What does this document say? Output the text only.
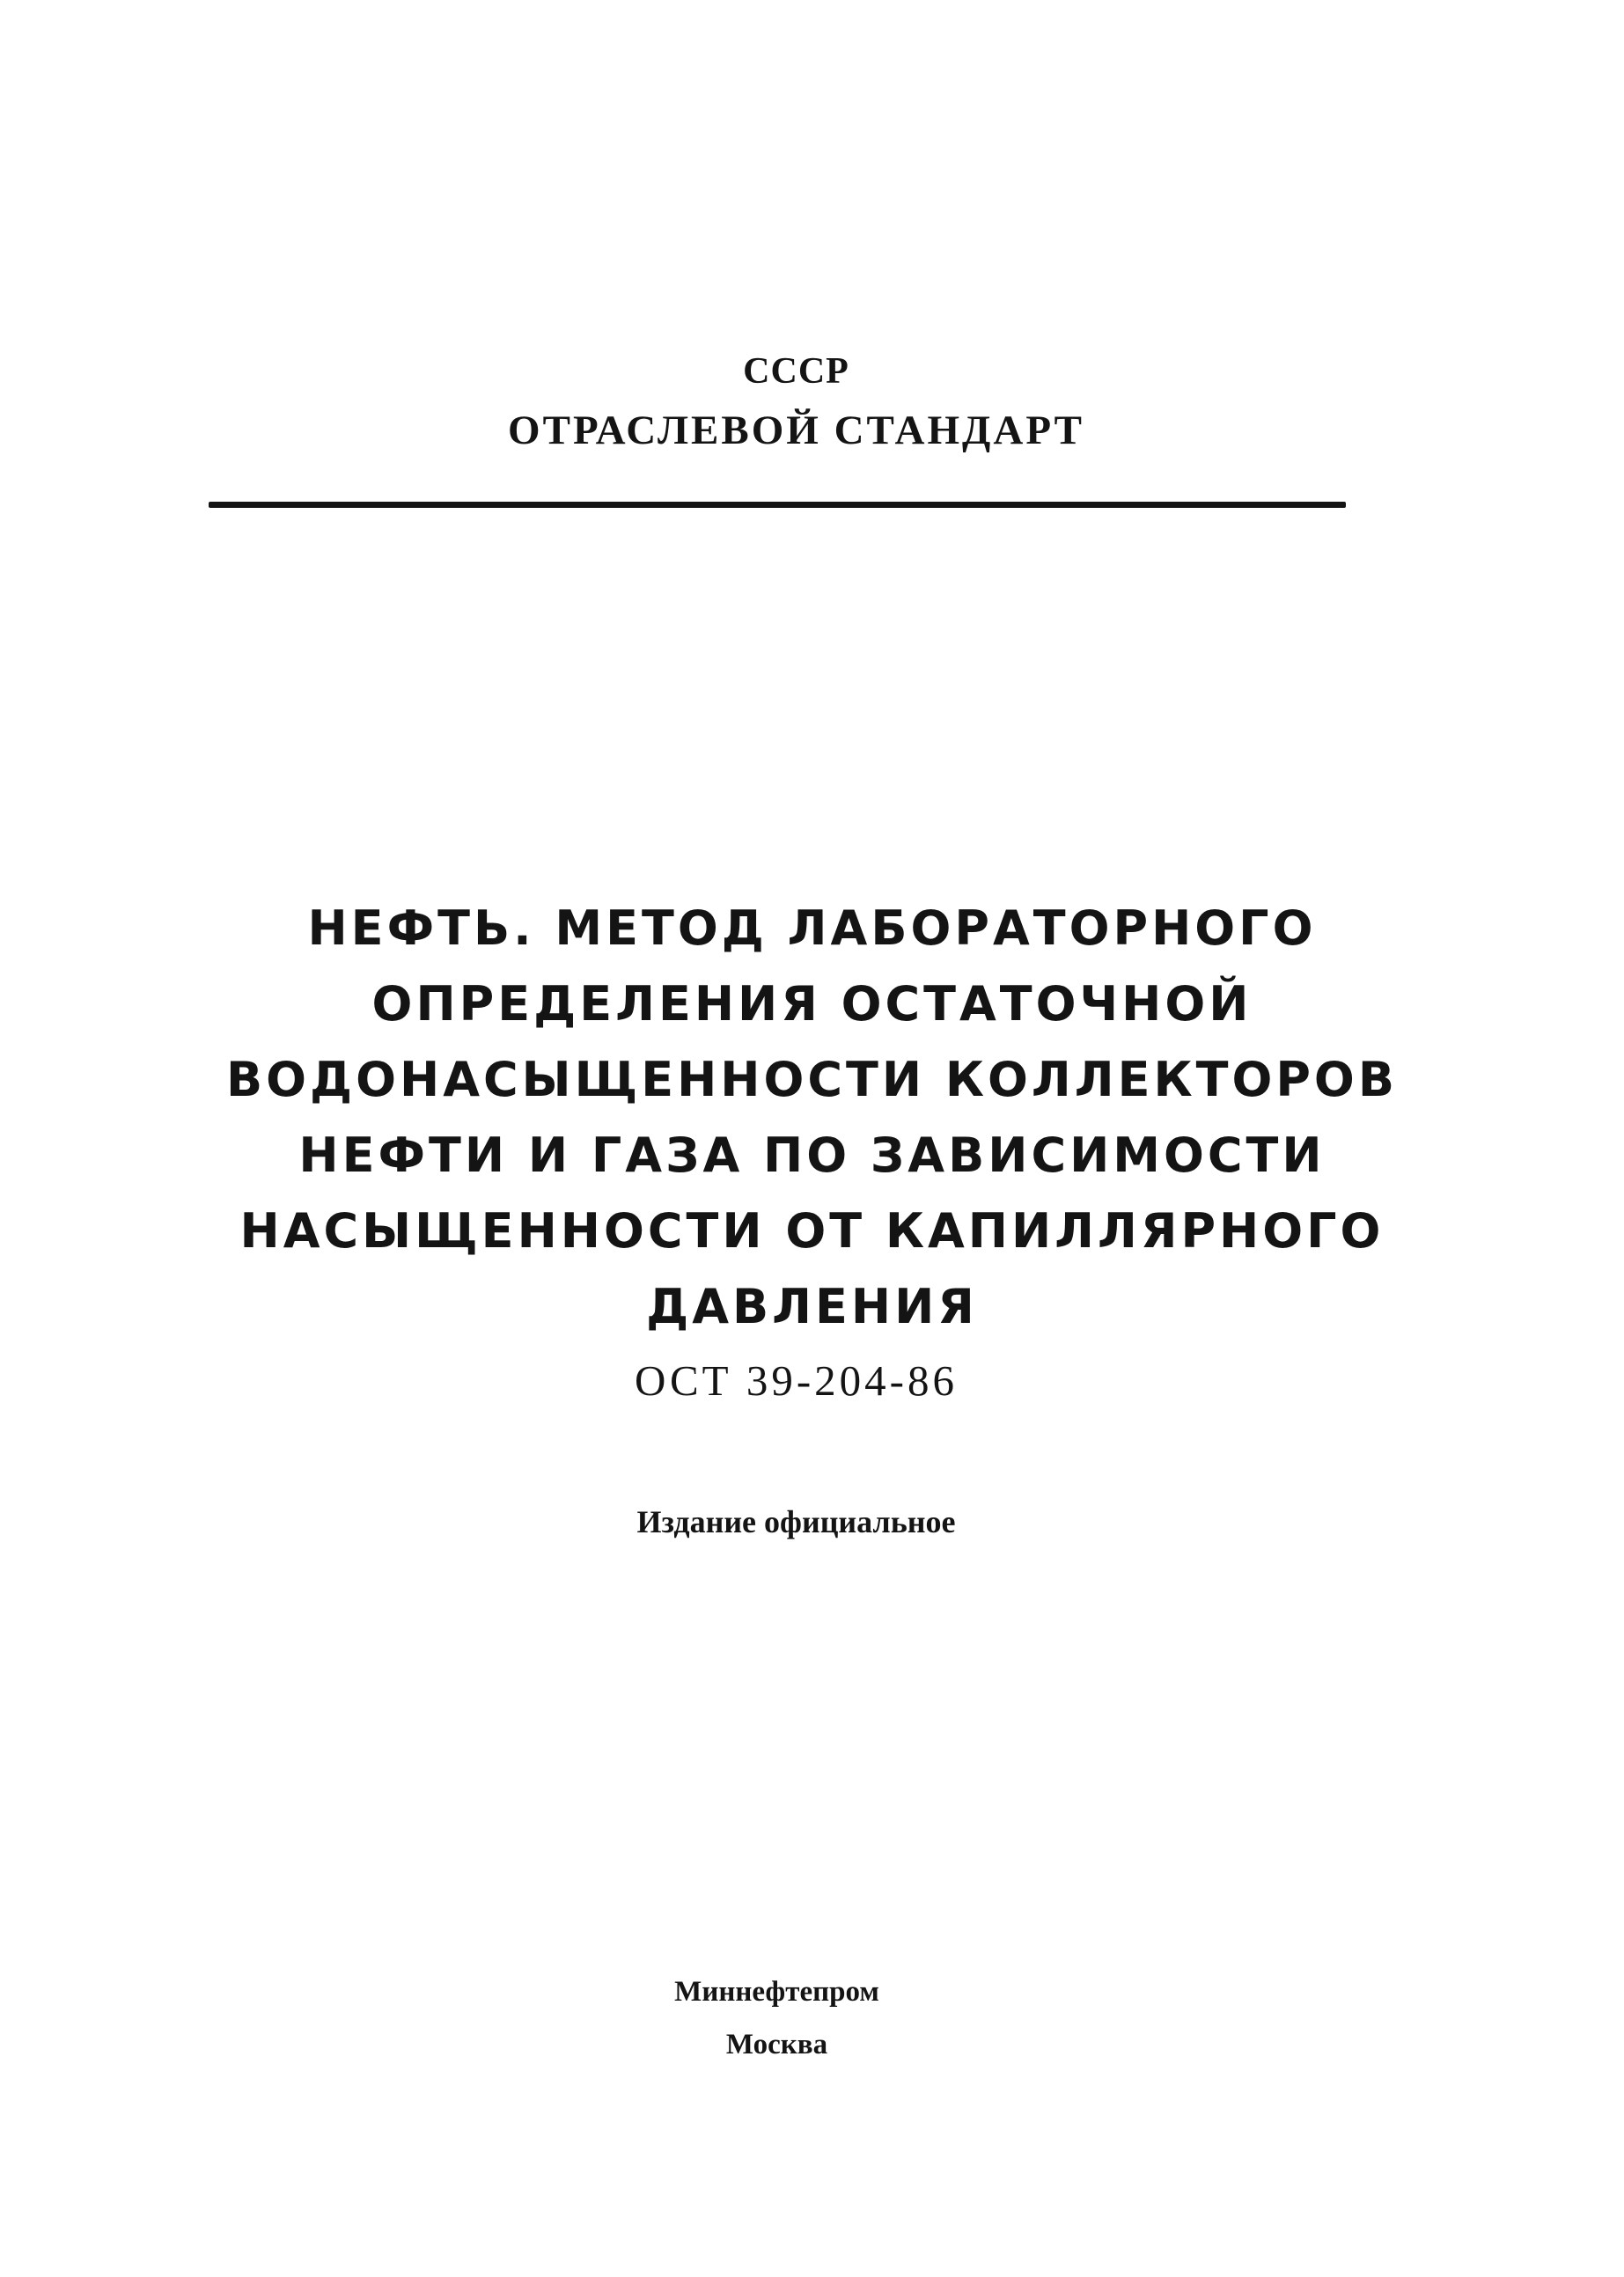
СССР
ОТРАСЛЕВОЙ СТАНДАРТ
НЕФТЬ. МЕТОД ЛАБОРАТОРНОГО
ОПРЕДЕЛЕНИЯ ОСТАТОЧНОЙ
ВОДОНАСЫЩЕННОСТИ КОЛЛЕКТОРОВ
НЕФТИ И ГАЗА ПО ЗАВИСИМОСТИ
НАСЫЩЕННОСТИ ОТ КАПИЛЛЯРНОГО
ДАВЛЕНИЯ
ОСТ 39-204-86
Издание официальное
Миннефтепром
Москва
